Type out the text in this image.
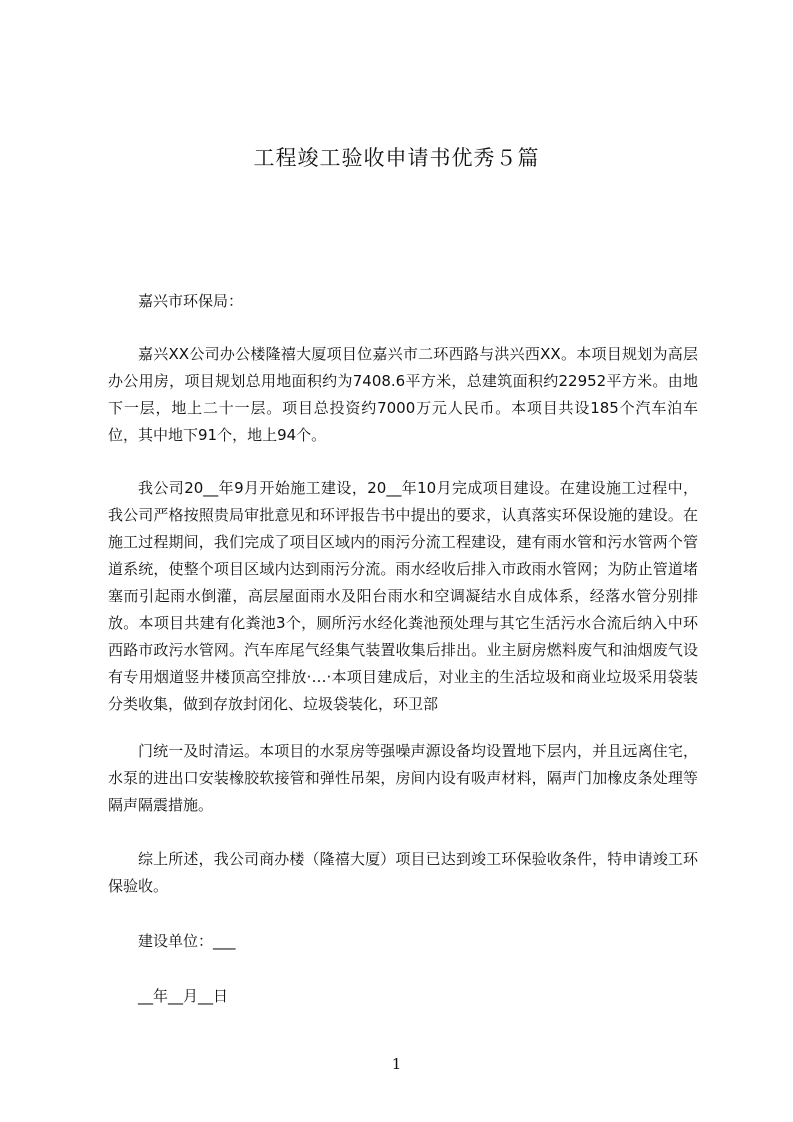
工程竣工验收申请书优秀５篇
嘉兴市环保局：

嘉兴XX公司办公楼隆禧大厦项目位嘉兴市二环西路与洪兴西XX。本项目规划为高层办公用房，项目规划总用地面积约为7408.6平方米，总建筑面积约22952平方米。由地下一层，地上二十一层。项目总投资约7000万元人民币。本项目共设185个汽车泊车位，其中地下91个，地上94个。

我公司20__年9月开始施工建设，20__年10月完成项目建设。在建设施工过程中，我公司严格按照贵局审批意见和环评报告书中提出的要求，认真落实环保设施的建设。在施工过程期间，我们完成了项目区域内的雨污分流工程建设，建有雨水管和污水管两个管道系统，使整个项目区域内达到雨污分流。雨水经收后排入市政雨水管网；为防止管道堵塞而引起雨水倒灌，高层屋面雨水及阳台雨水和空调凝结水自成体系，经落水管分别排放。本项目共建有化粪池3个，厕所污水经化粪池预处理与其它生活污水合流后纳入中环西路市政污水管网。汽车库尾气经集气装置收集后排出。业主厨房燃料废气和油烟废气设有专用烟道竖井楼顶高空排放·…·本项目建成后，对业主的生活垃圾和商业垃圾采用袋装分类收集，做到存放封闭化、垃圾袋装化，环卫部

门统一及时清运。本项目的水泵房等强噪声源设备均设置地下层内，并且远离住宅，水泵的进出口安装橡胶软接管和弹性吊架，房间内设有吸声材料，隔声门加橡皮条处理等隔声隔震措施。

综上所述，我公司商办楼（隆禧大厦）项目已达到竣工环保验收条件，特申请竣工环保验收。

建设单位：___
__年__月__日
1
